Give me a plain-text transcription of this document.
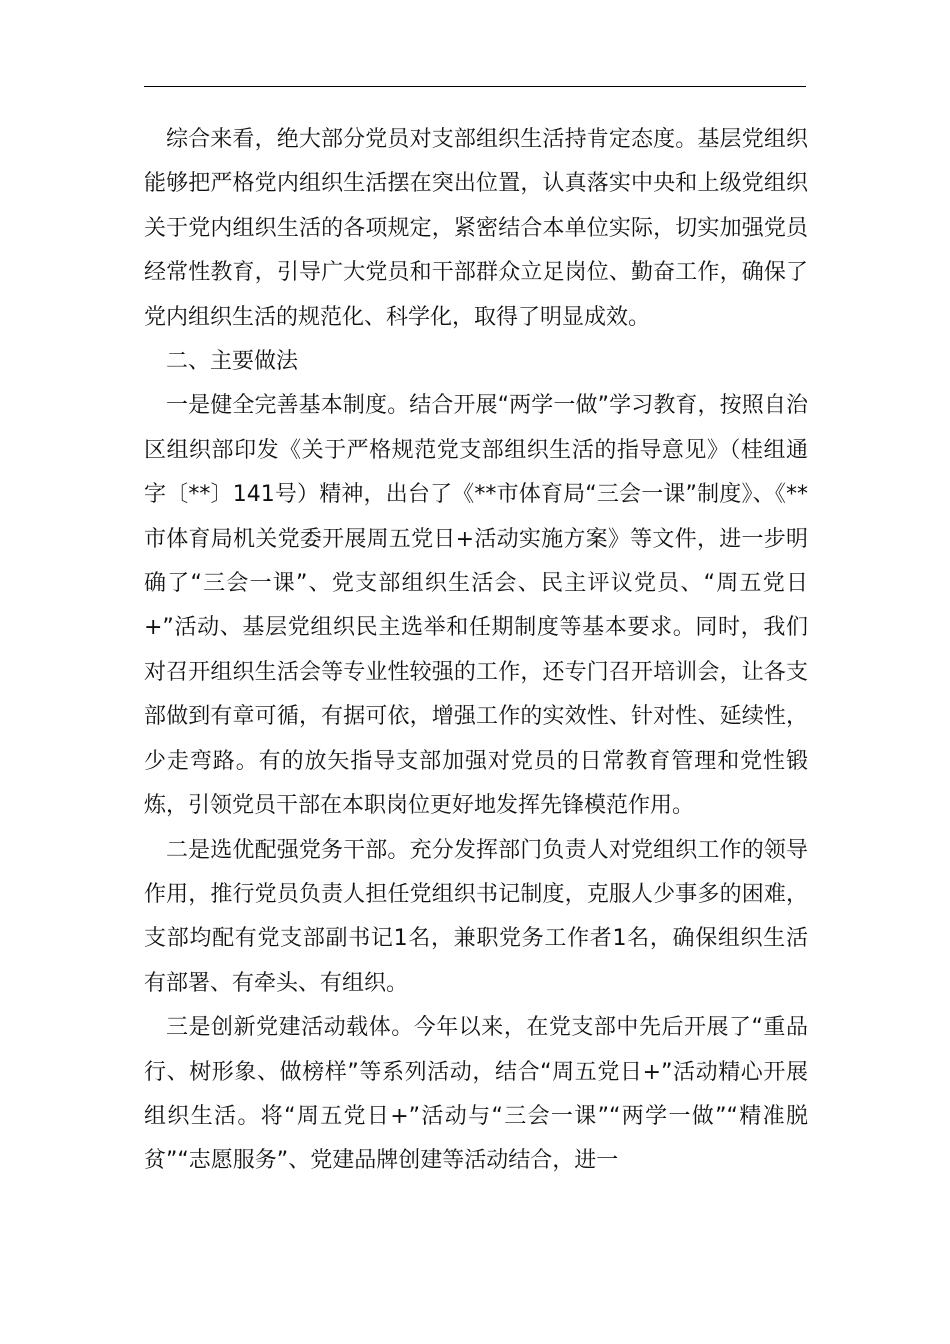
综合来看，绝大部分党员对支部组织生活持肯定态度。基层党组织能够把严格党内组织生活摆在突出位置，认真落实中央和上级党组织关于党内组织生活的各项规定，紧密结合本单位实际，切实加强党员经常性教育，引导广大党员和干部群众立足岗位、勤奋工作，确保了党内组织生活的规范化、科学化，取得了明显成效。

二、主要做法

一是健全完善基本制度。结合开展“两学一做”学习教育，按照自治区组织部印发《关于严格规范党支部组织生活的指导意见》（桂组通字〔**〕141号）精神，出台了《**市体育局“三会一课”制度》、《**市体育局机关党委开展周五党日+活动实施方案》等文件，进一步明确了“三会一课”、党支部组织生活会、民主评议党员、“周五党日+”活动、基层党组织民主选举和任期制度等基本要求。同时，我们对召开组织生活会等专业性较强的工作，还专门召开培训会，让各支部做到有章可循，有据可依，增强工作的实效性、针对性、延续性，少走弯路。有的放矢指导支部加强对党员的日常教育管理和党性锻炼，引领党员干部在本职岗位更好地发挥先锋模范作用。

二是选优配强党务干部。充分发挥部门负责人对党组织工作的领导作用，推行党员负责人担任党组织书记制度，克服人少事多的困难，支部均配有党支部副书记1名，兼职党务工作者1名，确保组织生活有部署、有牵头、有组织。

三是创新党建活动载体。今年以来，在党支部中先后开展了“重品行、树形象、做榜样”等系列活动，结合“周五党日+”活动精心开展组织生活。将“周五党日+”活动与“三会一课”“两学一做”“精准脱贫”“志愿服务”、党建品牌创建等活动结合，进一
